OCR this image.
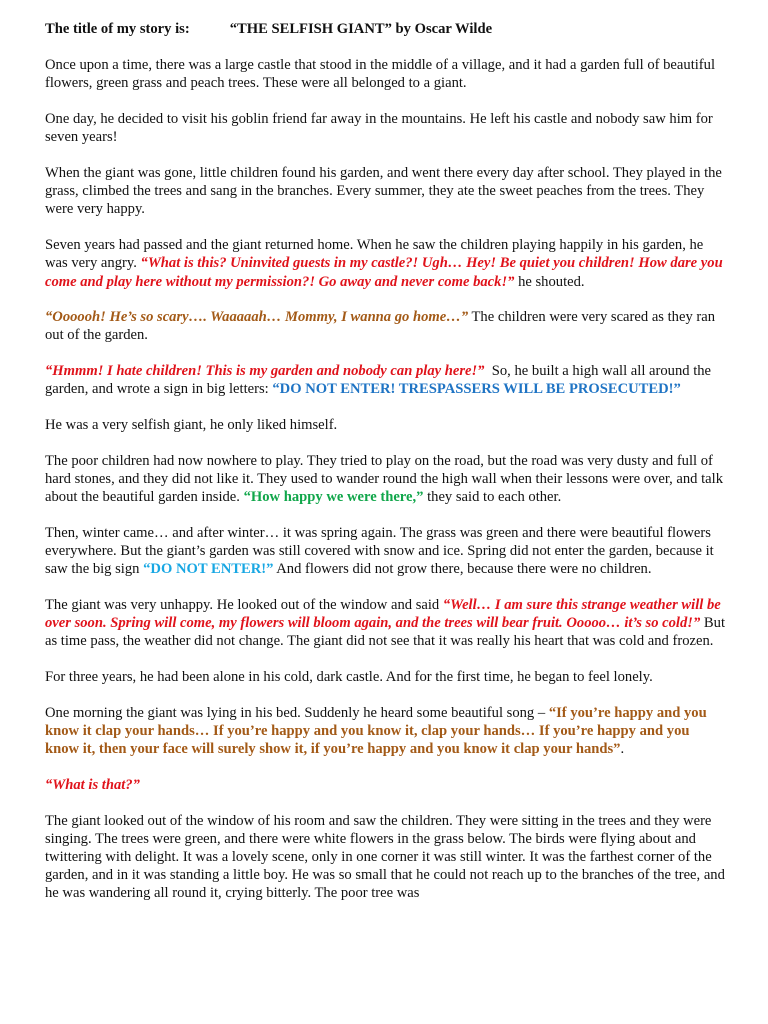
The title of my story is:	“THE SELFISH GIANT” by Oscar Wilde

Once upon a time, there was a large castle that stood in the middle of a village, and it had a garden full of beautiful flowers, green grass and peach trees. These were all belonged to a giant.

One day, he decided to visit his goblin friend far away in the mountains. He left his castle and nobody saw him for seven years!

When the giant was gone, little children found his garden, and went there every day after school. They played in the grass, climbed the trees and sang in the branches. Every summer, they ate the sweet peaches from the trees. They were very happy.

Seven years had passed and the giant returned home. When he saw the children playing happily in his garden, he was very angry. “What is this? Uninvited guests in my castle?! Ugh… Hey! Be quiet you children! How dare you come and play here without my permission?! Go away and never come back!” he shouted.

“Oooooh! He’s so scary…. Waaaaah… Mommy, I wanna go home…” The children were very scared as they ran out of the garden.

“Hmmm! I hate children! This is my garden and nobody can play here!” So, he built a high wall all around the garden, and wrote a sign in big letters: “DO NOT ENTER! TRESPASSERS WILL BE PROSECUTED!”

He was a very selfish giant, he only liked himself.

The poor children had now nowhere to play. They tried to play on the road, but the road was very dusty and full of hard stones, and they did not like it. They used to wander round the high wall when their lessons were over, and talk about the beautiful garden inside. “How happy we were there,” they said to each other.

Then, winter came… and after winter… it was spring again. The grass was green and there were beautiful flowers everywhere. But the giant’s garden was still covered with snow and ice. Spring did not enter the garden, because it saw the big sign “DO NOT ENTER!” And flowers did not grow there, because there were no children.

The giant was very unhappy. He looked out of the window and said “Well… I am sure this strange weather will be over soon. Spring will come, my flowers will bloom again, and the trees will bear fruit. Ooooo… it’s so cold!” But as time pass, the weather did not change. The giant did not see that it was really his heart that was cold and frozen.

For three years, he had been alone in his cold, dark castle. And for the first time, he began to feel lonely.

One morning the giant was lying in his bed. Suddenly he heard some beautiful song – “If you’re happy and you know it clap your hands… If you’re happy and you know it, clap your hands… If you’re happy and you know it, then your face will surely show it, if you’re happy and you know it clap your hands”.

“What is that?”

The giant looked out of the window of his room and saw the children. They were sitting in the trees and they were singing. The trees were green, and there were white flowers in the grass below. The birds were flying about and twittering with delight. It was a lovely scene, only in one corner it was still winter. It was the farthest corner of the garden, and in it was standing a little boy. He was so small that he could not reach up to the branches of the tree, and he was wandering all round it, crying bitterly. The poor tree was
